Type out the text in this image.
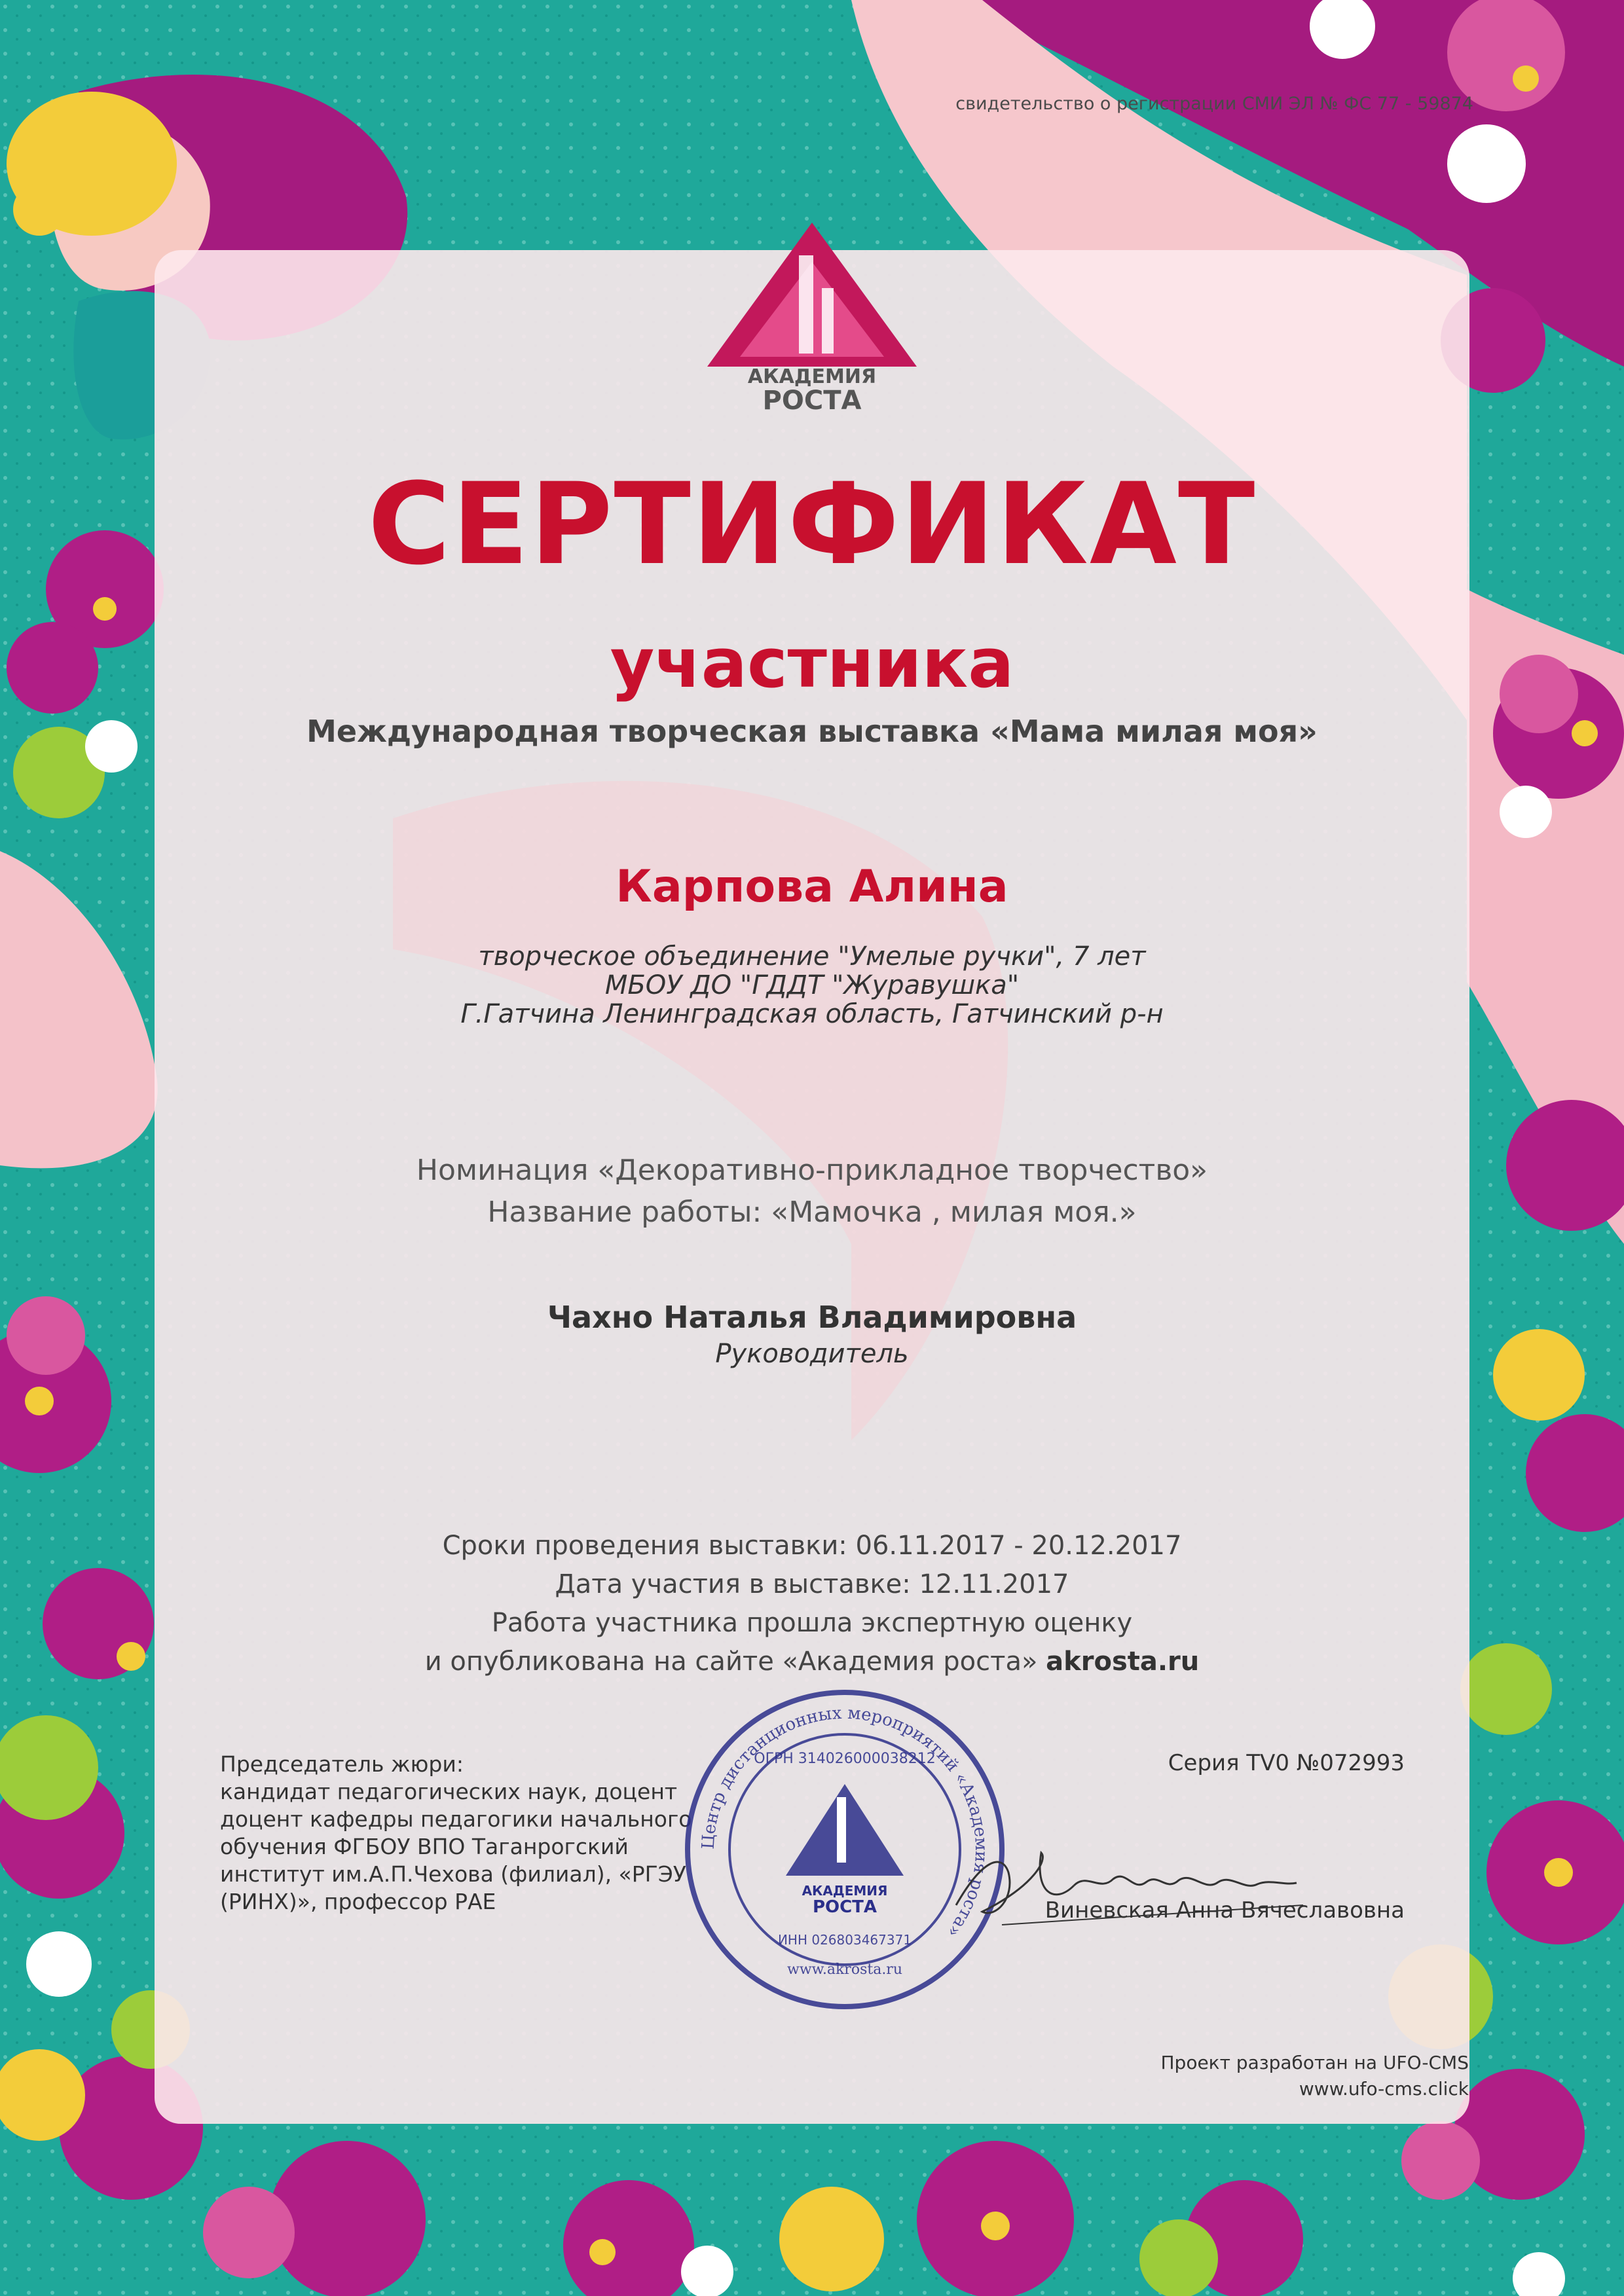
АКАДЕМИЯ
РОСТА

свидетельство о регистрации СМИ ЭЛ № ФС 77 - 59874

СЕРТИФИКАТ

участника

Международная творческая выставка «Мама милая моя»

Карпова Алина

творческое объединение "Умелые ручки", 7 лет

МБОУ ДО "ГДДТ "Журавушка"

Г.Гатчина Ленинградская область, Гатчинский р-н

Номинация «Декоративно-прикладное творчество»

Название работы: «Мамочка , милая моя.»

Чахно Наталья Владимировна

Руководитель

Сроки проведения выставки: 06.11.2017 - 20.12.2017

Дата участия в выставке: 12.11.2017

Работа участника прошла экспертную оценку

и опубликована на сайте «Академия роста» akrosta.ru

Председатель жюри:

кандидат педагогических наук, доцент

доцент кафедры педагогики начального

обучения ФГБОУ ВПО Таганрогский

институт им.А.П.Чехова (филиал), «РГЭУ

(РИНХ)», профессор РАЕ

Серия TV0 №072993

Виневская Анна Вячеславовна

Центр дистанционных мероприятий «Академия роста»
ОГРН 314026000038212
АКАДЕМИЯ
РОСТА
ИНН 026803467371
www.akrosta.ru

Проект разработан на UFO-CMS

www.ufo-cms.click
